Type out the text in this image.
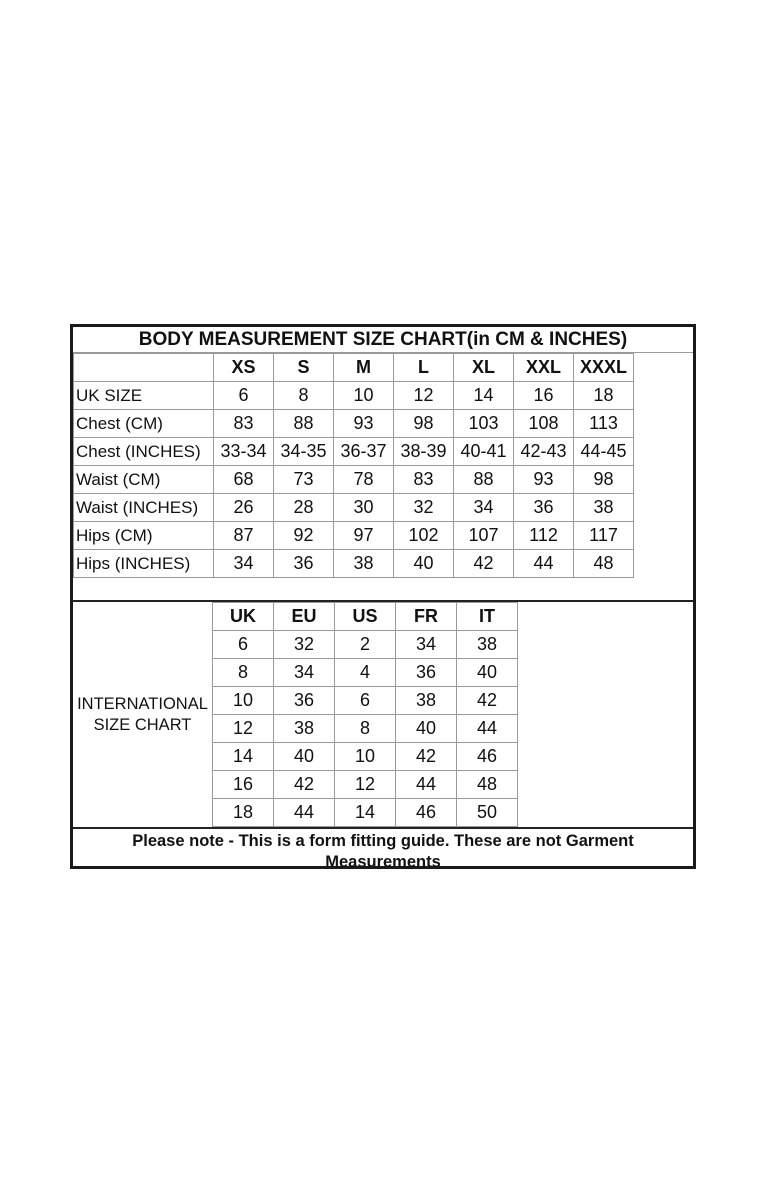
BODY MEASUREMENT SIZE CHART(in CM & INCHES)
	XS	S	M	L	XL	XXL	XXXL
UK SIZE	6	8	10	12	14	16	18
Chest (CM)	83	88	93	98	103	108	113
Chest (INCHES)	33-34	34-35	36-37	38-39	40-41	42-43	44-45
Waist (CM)	68	73	78	83	88	93	98
Waist (INCHES)	26	28	30	32	34	36	38
Hips (CM)	87	92	97	102	107	112	117
Hips (INCHES)	34	36	38	40	42	44	48
INTERNATIONAL
SIZE CHART
UK	EU	US	FR	IT
6	32	2	34	38
8	34	4	36	40
10	36	6	38	42
12	38	8	40	44
14	40	10	42	46
16	42	12	44	48
18	44	14	46	50
Please note - This is a form fitting guide. These are not Garment Measurements
